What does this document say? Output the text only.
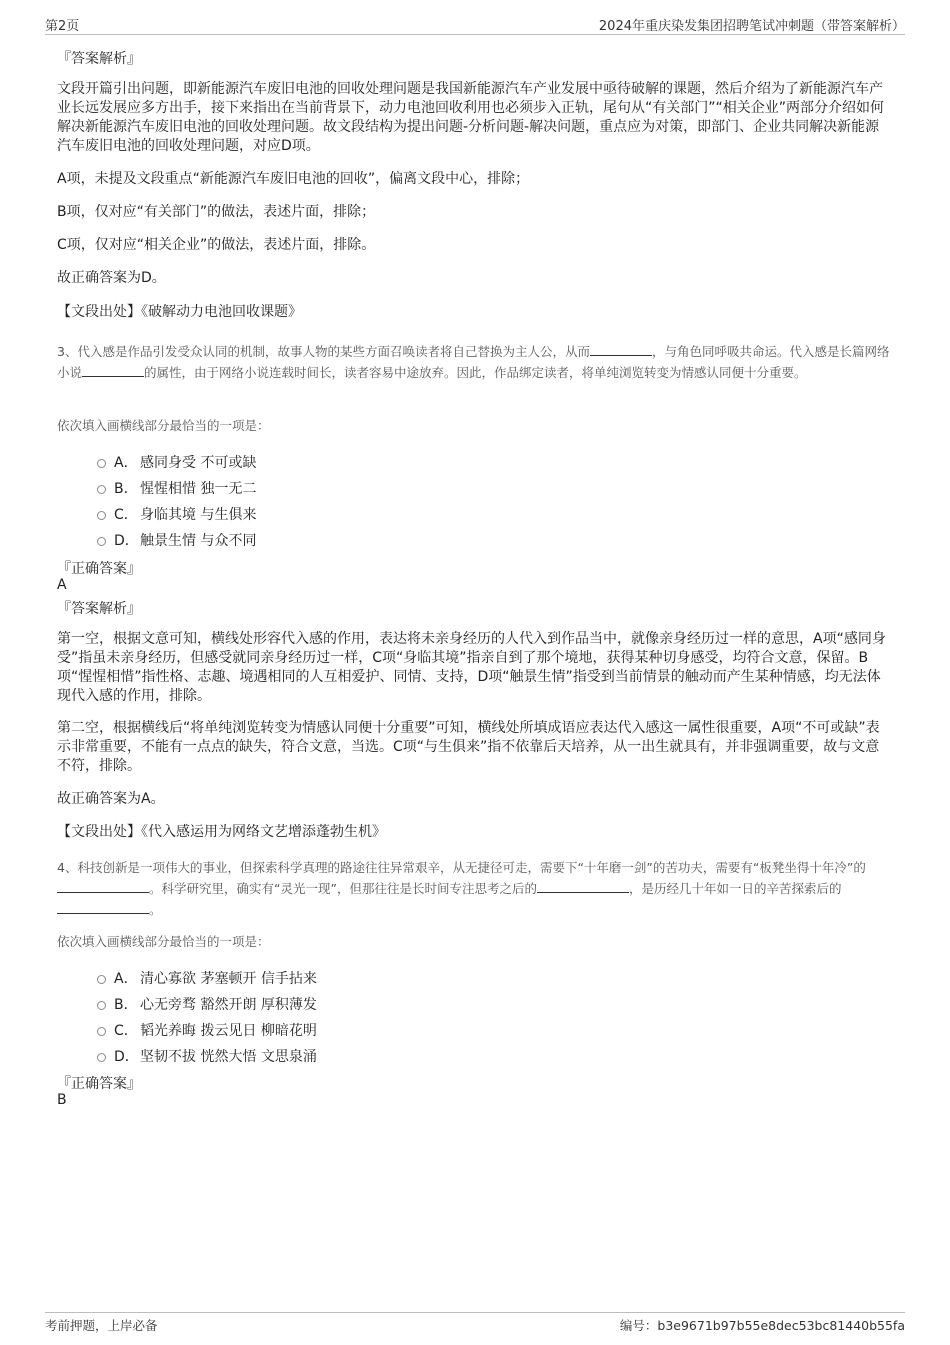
第2页	2024年重庆染发集团招聘笔试冲刺题（带答案解析）
『答案解析』

文段开篇引出问题，即新能源汽车废旧电池的回收处理问题是我国新能源汽车产业发展中亟待破解的课题，然后介绍为了新能源汽车产业长远发展应多方出手，接下来指出在当前背景下，动力电池回收利用也必须步入正轨，尾句从“有关部门”“相关企业”两部分介绍如何解决新能源汽车废旧电池的回收处理问题。故文段结构为提出问题-分析问题-解决问题，重点应为对策，即部门、企业共同解决新能源汽车废旧电池的回收处理问题，对应D项。

A项，未提及文段重点“新能源汽车废旧电池的回收”，偏离文段中心，排除；

B项，仅对应“有关部门”的做法，表述片面，排除；

C项，仅对应“相关企业”的做法，表述片面，排除。

故正确答案为D。

【文段出处】《破解动力电池回收课题》

3、代入感是作品引发受众认同的机制，故事人物的某些方面召唤读者将自己替换为主人公，从而	，与角色同呼吸共命运。代入感是长篇网络小说	的属性，由于网络小说连载时间长，读者容易中途放弃。因此，作品绑定读者，将单纯浏览转变为情感认同便十分重要。

依次填入画横线部分最恰当的一项是：

A． 感同身受 不可或缺
B． 惺惺相惜 独一无二
C． 身临其境 与生俱来
D． 触景生情 与众不同
『正确答案』
A
『答案解析』

第一空，根据文意可知，横线处形容代入感的作用，表达将未亲身经历的人代入到作品当中，就像亲身经历过一样的意思，A项“感同身受”指虽未亲身经历，但感受就同亲身经历过一样，C项“身临其境”指亲自到了那个境地，获得某种切身感受，均符合文意，保留。B项“惺惺相惜”指性格、志趣、境遇相同的人互相爱护、同情、支持，D项“触景生情”指受到当前情景的触动而产生某种情感，均无法体现代入感的作用，排除。

第二空，根据横线后“将单纯浏览转变为情感认同便十分重要”可知，横线处所填成语应表达代入感这一属性很重要，A项“不可或缺”表示非常重要，不能有一点点的缺失，符合文意，当选。C项“与生俱来”指不依靠后天培养，从一出生就具有，并非强调重要，故与文意不符，排除。

故正确答案为A。

【文段出处】《代入感运用为网络文艺增添蓬勃生机》

4、科技创新是一项伟大的事业，但探索科学真理的路途往往异常艰辛，从无捷径可走，需要下“十年磨一剑”的苦功夫，需要有“板凳坐得十年冷”的。科学研究里，确实有“灵光一现”，但那往往是长时间专注思考之后的	，是历经几十年如一日的辛苦探索后的。

依次填入画横线部分最恰当的一项是：

A． 清心寡欲 茅塞顿开 信手拈来
B． 心无旁骛 豁然开朗 厚积薄发
C． 韬光养晦 拨云见日 柳暗花明
D． 坚韧不拔 恍然大悟 文思泉涌
『正确答案』
B
考前押题，上岸必备	编号：b3e9671b97b55e8dec53bc81440b55fa
